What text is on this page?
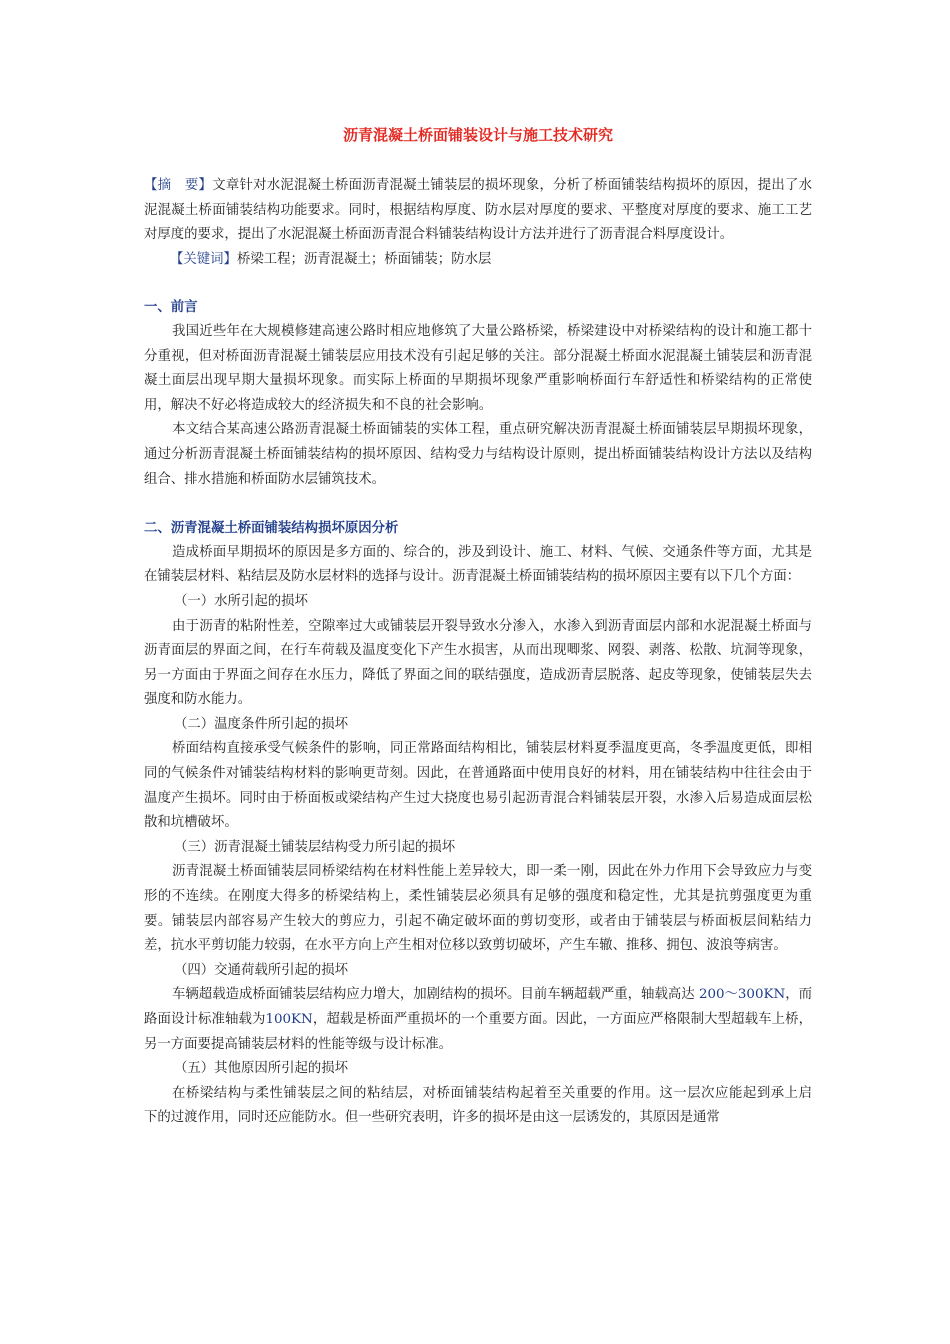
沥青混凝土桥面铺装设计与施工技术研究

【摘　要】文章针对水泥混凝土桥面沥青混凝土铺装层的损坏现象，分析了桥面铺装结构损坏的原因，提出了水泥混凝土桥面铺装结构功能要求。同时，根据结构厚度、防水层对厚度的要求、平整度对厚度的要求、施工工艺对厚度的要求，提出了水泥混凝土桥面沥青混合料铺装结构设计方法并进行了沥青混合料厚度设计。

【关键词】桥梁工程；沥青混凝土；桥面铺装；防水层

一、前言

我国近些年在大规模修建高速公路时相应地修筑了大量公路桥梁，桥梁建设中对桥梁结构的设计和施工都十分重视，但对桥面沥青混凝土铺装层应用技术没有引起足够的关注。部分混凝土桥面水泥混凝土铺装层和沥青混凝土面层出现早期大量损坏现象。而实际上桥面的早期损坏现象严重影响桥面行车舒适性和桥梁结构的正常使用，解决不好必将造成较大的经济损失和不良的社会影响。

本文结合某高速公路沥青混凝土桥面铺装的实体工程，重点研究解决沥青混凝土桥面铺装层早期损坏现象，通过分析沥青混凝土桥面铺装结构的损坏原因、结构受力与结构设计原则，提出桥面铺装结构设计方法以及结构组合、排水措施和桥面防水层铺筑技术。

二、沥青混凝土桥面铺装结构损坏原因分析

造成桥面早期损坏的原因是多方面的、综合的，涉及到设计、施工、材料、气候、交通条件等方面，尤其是在铺装层材料、粘结层及防水层材料的选择与设计。沥青混凝土桥面铺装结构的损坏原因主要有以下几个方面：

（一）水所引起的损坏

由于沥青的粘附性差，空隙率过大或铺装层开裂导致水分渗入，水渗入到沥青面层内部和水泥混凝土桥面与沥青面层的界面之间，在行车荷载及温度变化下产生水损害，从而出现唧浆、网裂、剥落、松散、坑洞等现象，另一方面由于界面之间存在水压力，降低了界面之间的联结强度，造成沥青层脱落、起皮等现象，使铺装层失去强度和防水能力。

（二）温度条件所引起的损坏

桥面结构直接承受气候条件的影响，同正常路面结构相比，铺装层材料夏季温度更高，冬季温度更低，即相同的气候条件对铺装结构材料的影响更苛刻。因此，在普通路面中使用良好的材料，用在铺装结构中往往会由于温度产生损坏。同时由于桥面板或梁结构产生过大挠度也易引起沥青混合料铺装层开裂，水渗入后易造成面层松散和坑槽破坏。

（三）沥青混凝土铺装层结构受力所引起的损坏

沥青混凝土桥面铺装层同桥梁结构在材料性能上差异较大，即一柔一刚，因此在外力作用下会导致应力与变形的不连续。在刚度大得多的桥梁结构上，柔性铺装层必须具有足够的强度和稳定性，尤其是抗剪强度更为重要。铺装层内部容易产生较大的剪应力，引起不确定破坏面的剪切变形，或者由于铺装层与桥面板层间粘结力差，抗水平剪切能力较弱，在水平方向上产生相对位移以致剪切破坏，产生车辙、推移、拥包、波浪等病害。

（四）交通荷载所引起的损坏

车辆超载造成桥面铺装层结构应力增大，加剧结构的损坏。目前车辆超载严重，轴载高达 200～300KN，而路面设计标准轴载为100KN，超载是桥面严重损坏的一个重要方面。因此，一方面应严格限制大型超载车上桥，另一方面要提高铺装层材料的性能等级与设计标准。

（五）其他原因所引起的损坏

在桥梁结构与柔性铺装层之间的粘结层，对桥面铺装结构起着至关重要的作用。这一层次应能起到承上启　下的过渡作用，同时还应能防水。但一些研究表明，许多的损坏是由这一层诱发的，其原因是通常
